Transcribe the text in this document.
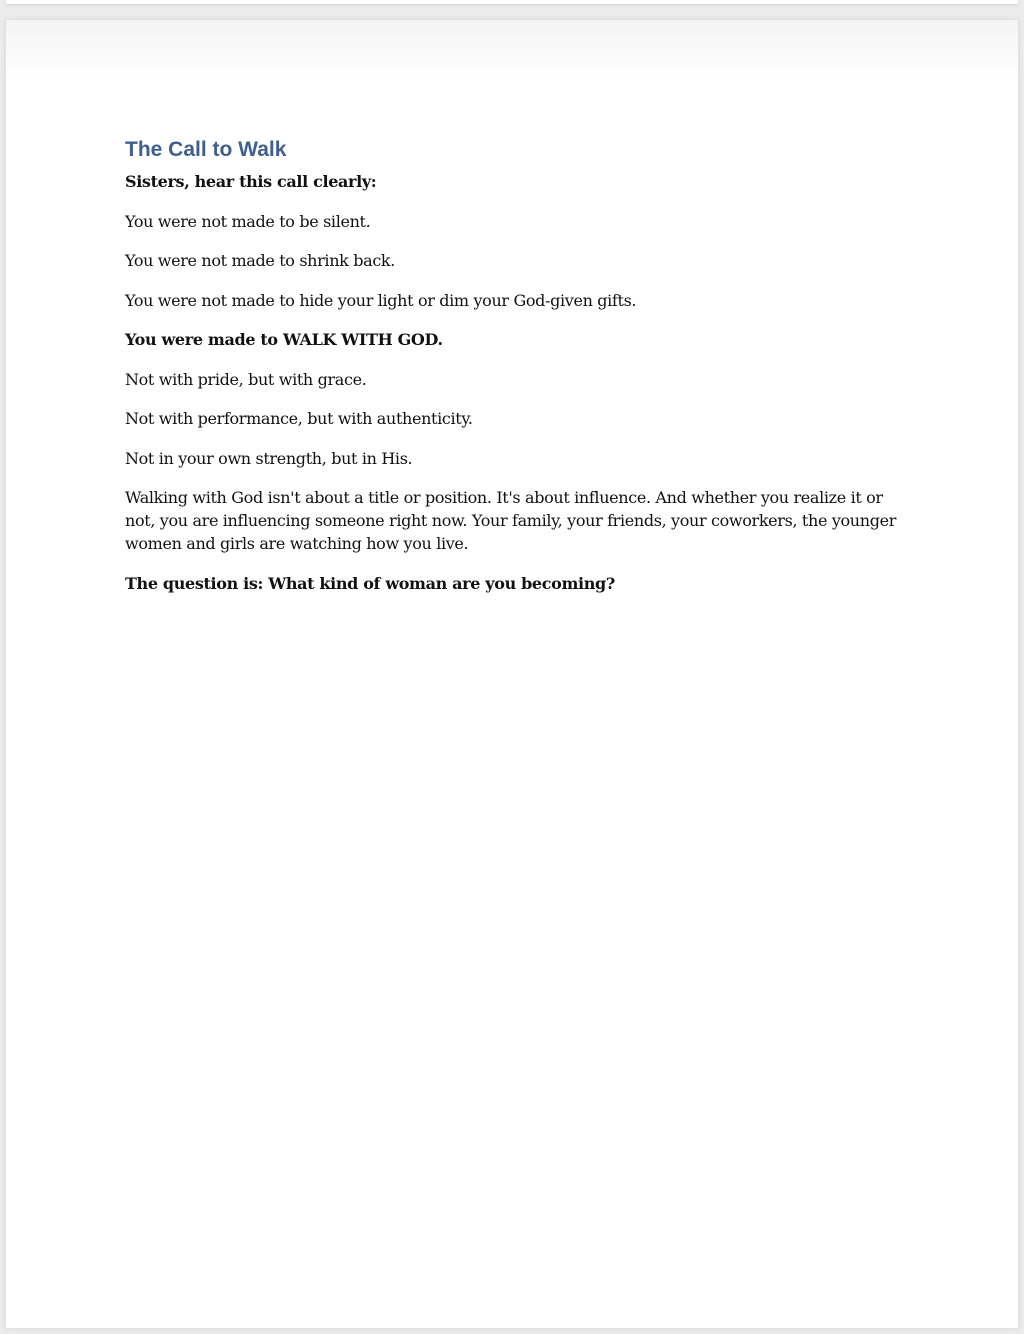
The Call to Walk

Sisters, hear this call clearly:

You were not made to be silent.

You were not made to shrink back.

You were not made to hide your light or dim your God-given gifts.

You were made to WALK WITH GOD.

Not with pride, but with grace.

Not with performance, but with authenticity.

Not in your own strength, but in His.

Walking with God isn't about a title or position. It's about influence. And whether you realize it or not, you are influencing someone right now. Your family, your friends, your coworkers, the younger women and girls are watching how you live.

The question is: What kind of woman are you becoming?
